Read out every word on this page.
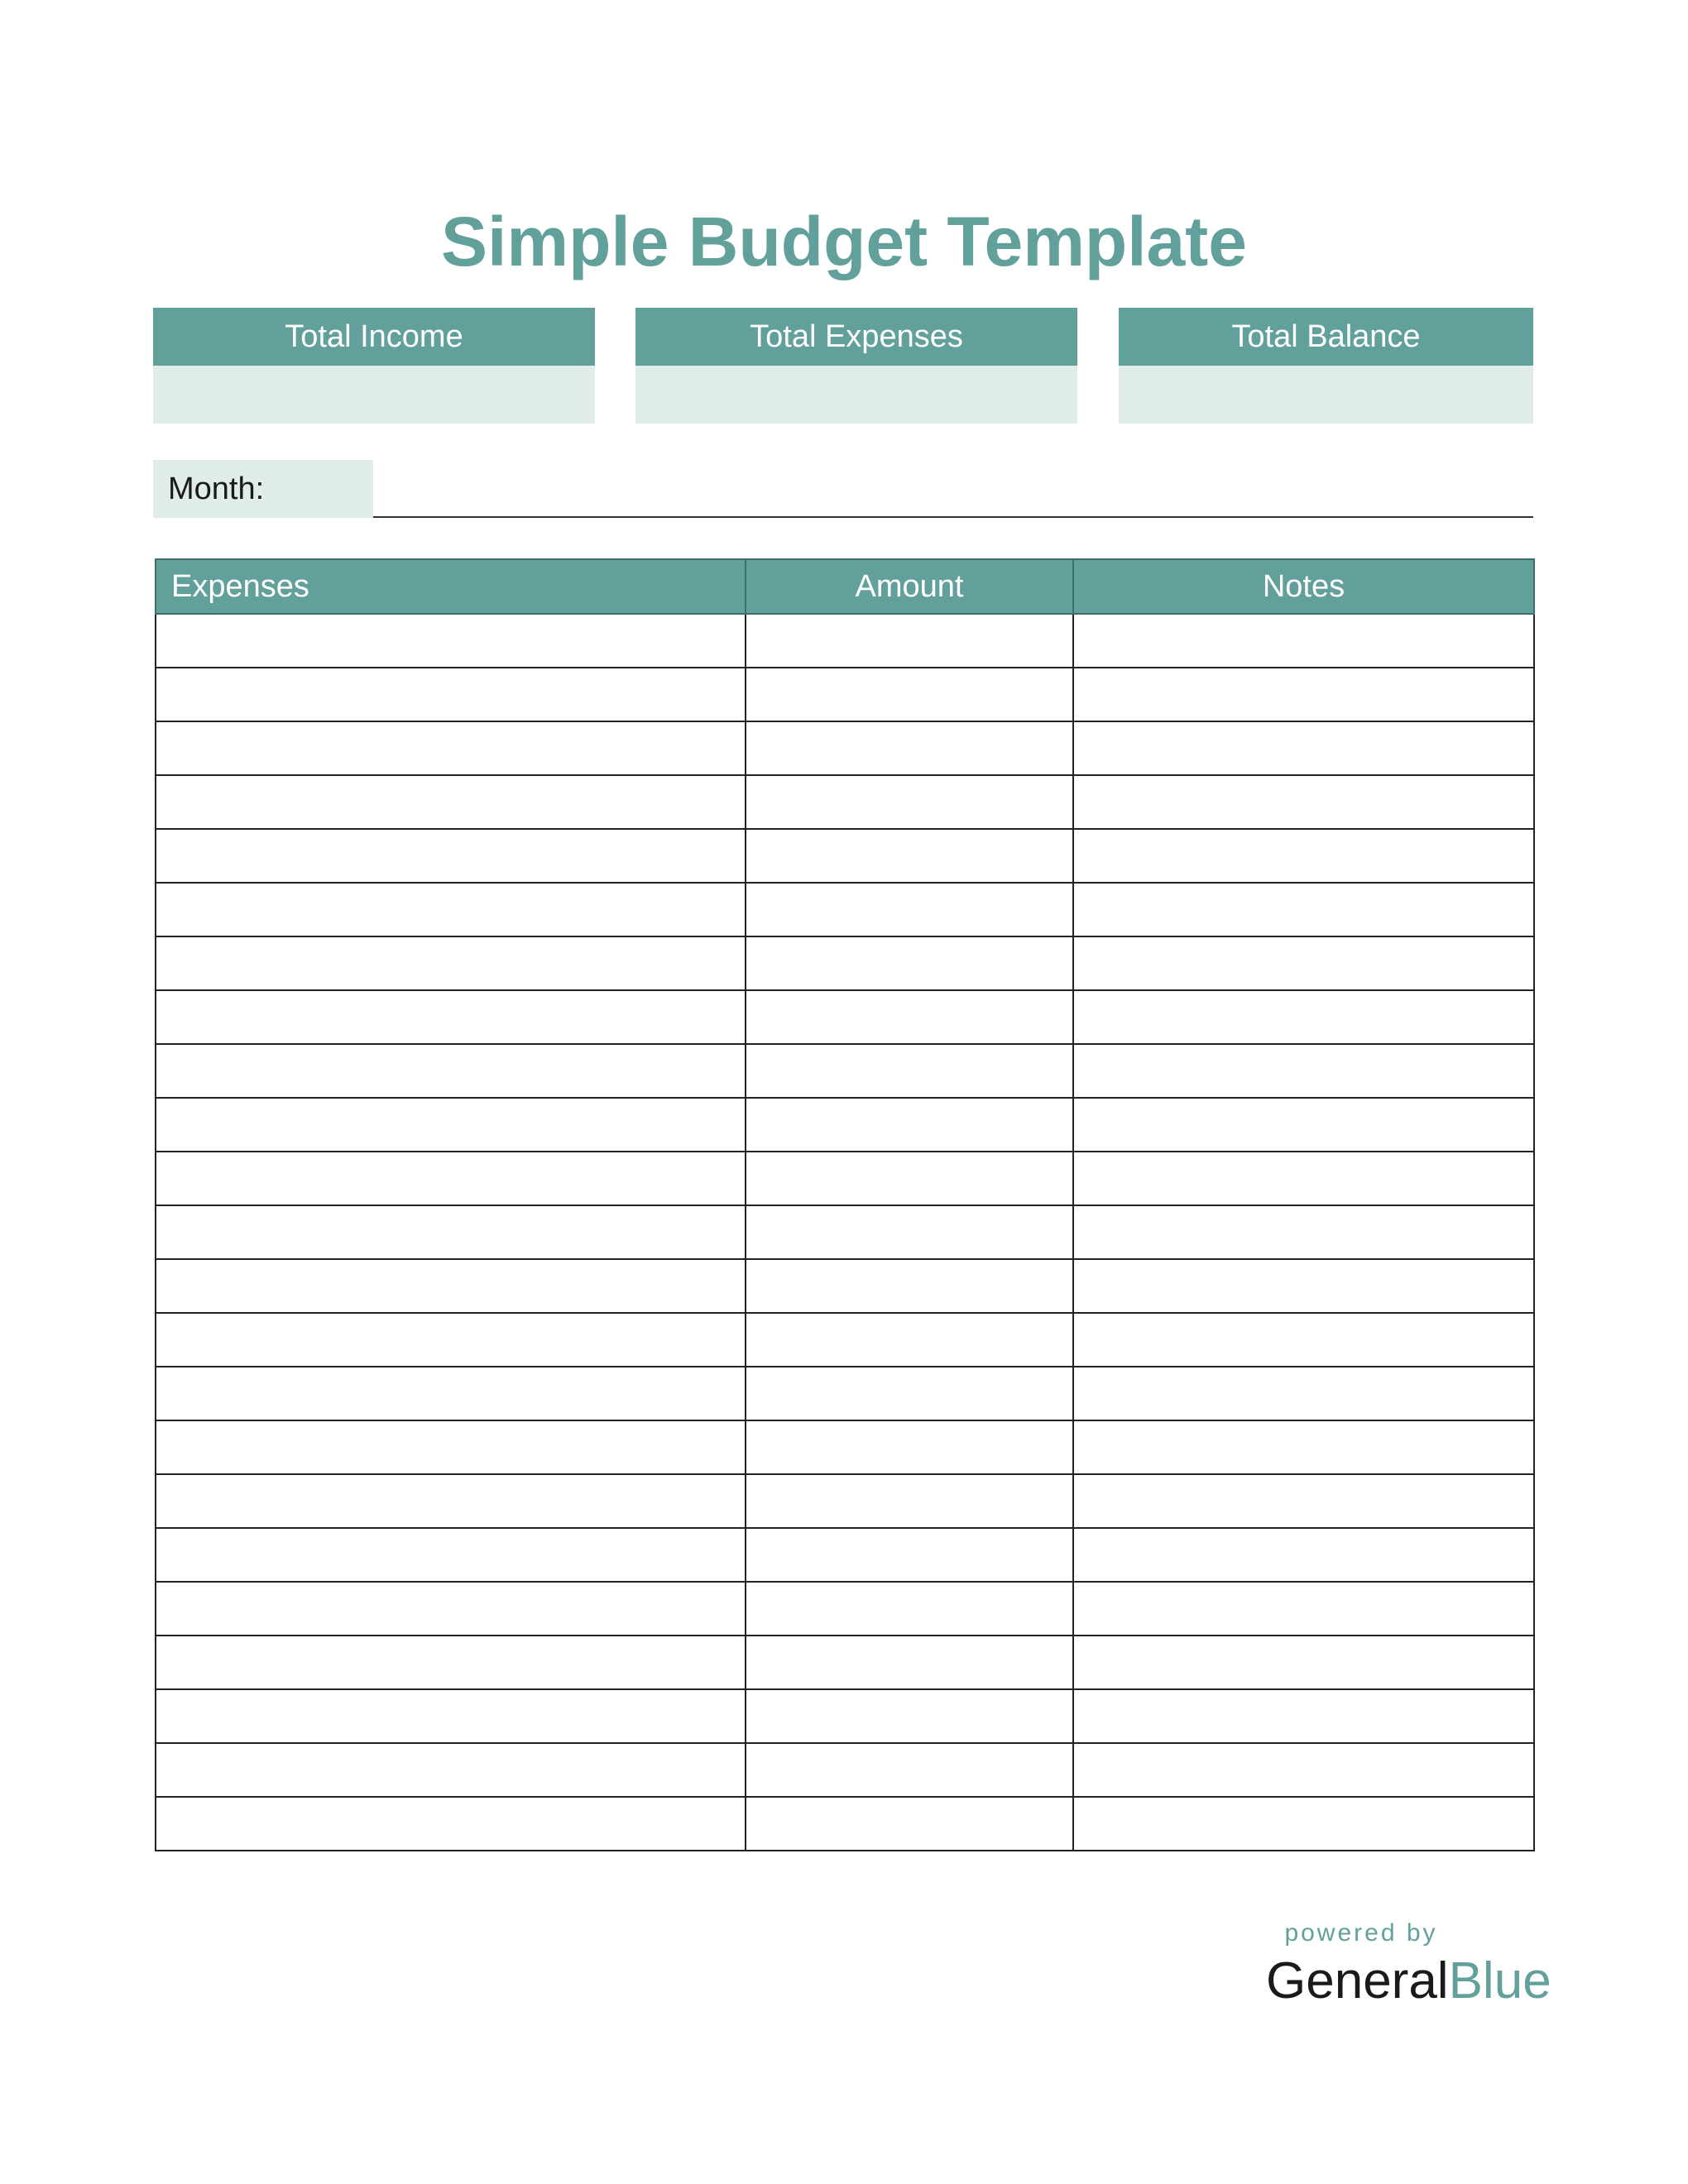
Simple Budget Template
Total Income	Total Expenses	Total Balance
Month:
Expenses	Amount	Notes

powered by
GeneralBlue
